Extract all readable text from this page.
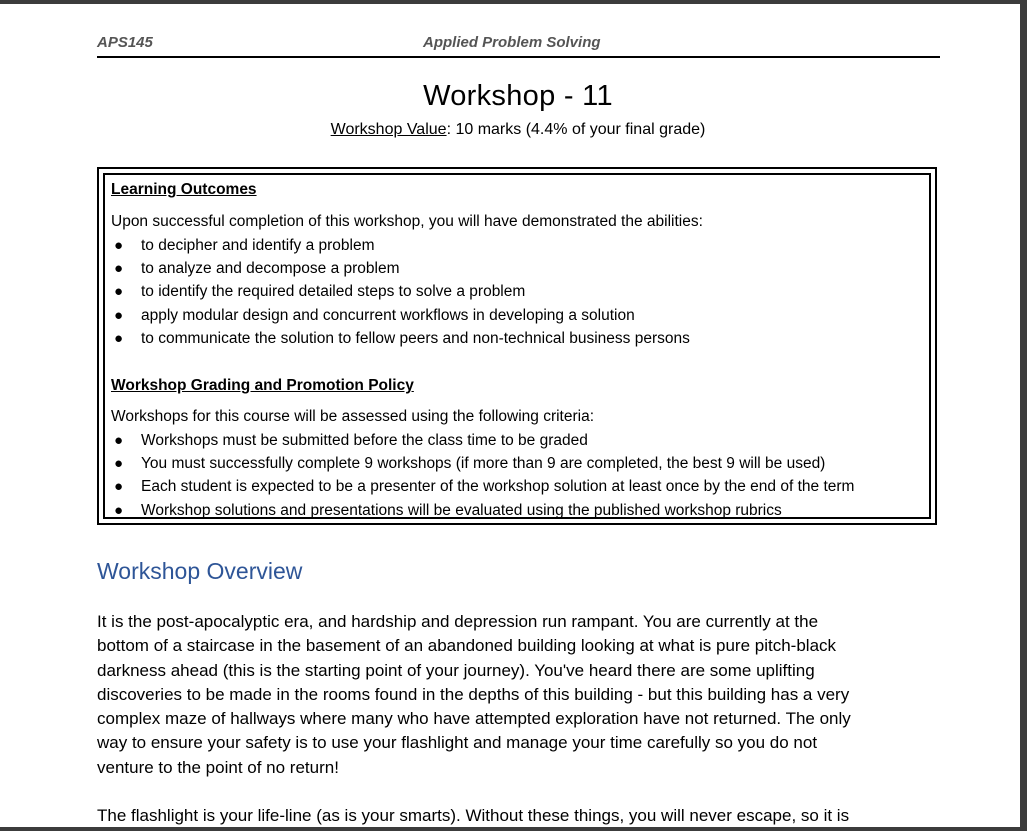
APS145	Applied Problem Solving
Workshop - 11
Workshop Value: 10 marks (4.4% of your final grade)
Learning Outcomes
Upon successful completion of this workshop, you will have demonstrated the abilities:
● to decipher and identify a problem
● to analyze and decompose a problem
● to identify the required detailed steps to solve a problem
● apply modular design and concurrent workflows in developing a solution
● to communicate the solution to fellow peers and non-technical business persons
Workshop Grading and Promotion Policy
Workshops for this course will be assessed using the following criteria:
● Workshops must be submitted before the class time to be graded
● You must successfully complete 9 workshops (if more than 9 are completed, the best 9 will be used)
● Each student is expected to be a presenter of the workshop solution at least once by the end of the term
● Workshop solutions and presentations will be evaluated using the published workshop rubrics
Workshop Overview
It is the post-apocalyptic era, and hardship and depression run rampant. You are currently at the
bottom of a staircase in the basement of an abandoned building looking at what is pure pitch-black
darkness ahead (this is the starting point of your journey). You've heard there are some uplifting
discoveries to be made in the rooms found in the depths of this building - but this building has a very
complex maze of hallways where many who have attempted exploration have not returned. The only
way to ensure your safety is to use your flashlight and manage your time carefully so you do not
venture to the point of no return!
The flashlight is your life-line (as is your smarts). Without these things, you will never escape, so it is
